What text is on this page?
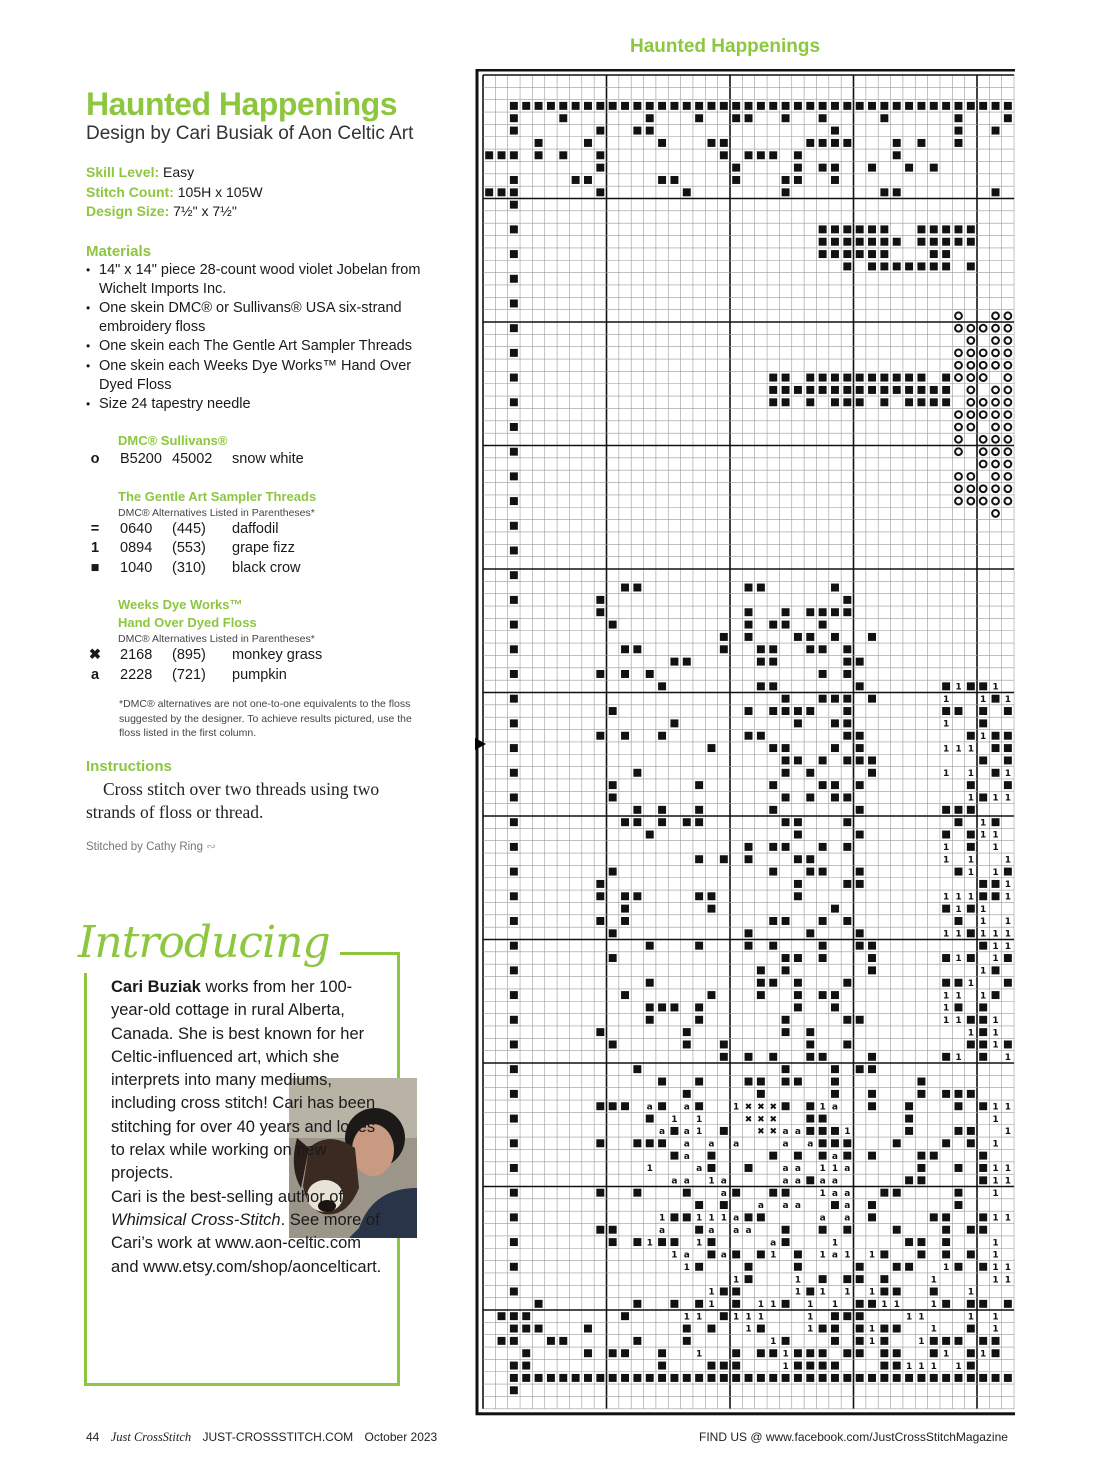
Haunted Happenings
Design by Cari Busiak of Aon Celtic Art
Skill Level: Easy
Stitch Count: 105H x 105W
Design Size: 7½" x 7½"
Materials
• 14" x 14" piece 28-count wood violet Jobelan from Wichelt Imports Inc.
• One skein DMC® or Sullivans® USA six-strand embroidery floss
• One skein each The Gentle Art Sampler Threads
• One skein each Weeks Dye Works™ Hand Over Dyed Floss
• Size 24 tapestry needle
DMC® Sullivans®
o	B5200 45002 snow white
The Gentle Art Sampler Threads
DMC® Alternatives Listed in Parentheses*
=	0640 (445) daffodil
1	0894 (553) grape fizz
■	1040 (310) black crow
Weeks Dye Works™
Hand Over Dyed Floss
DMC® Alternatives Listed in Parentheses*
✖ 2168 (895) monkey grass
a	2228 (721) pumpkin
*DMC® alternatives are not one-to-one equivalents to the floss suggested by the designer. To achieve results pictured, use the floss listed in the first column.
Instructions
Cross stitch over two threads using two strands of floss or thread.
Stitched by Cathy Ring ∾
Introducing

Cari Buziak works from her 100-year-old cottage in rural Alberta, Canada. She is best known for her Celtic-influenced art, which she interprets into many mediums, including cross stitch! Cari has been stitching for over 40 years and loves to relax while working on new projects.

Cari is the best-selling author of Whimsical Cross-Stitch. See more of Cari’s work at www.aon-celtic.com and www.etsy.com/shop/aoncelticart.

Haunted Happenings
1	1
1	1 1
1
1
1 1 1
1 1	1
1 1 1
1
1 1
1	1
1 1	1
1 1
1
1 1 1	1
1 1
1 1
1 1 1 1 1
1 1
1	1
1
1
1 1 1
1
1 1	1
1 1
1
1	1
a	a	1 ✖ ✖ ✖	1 a	1 1
1 1	✖ ✖ ✖	1
a a 1	✖ ✖ a a	1	1
a a a	a a	1
a	a
1	a	a a 1 1 a	1 1
a a 1 a	a a a a	1 1
a	1 a a	1
a a a	a
1	1 1 1 a	a a	1 1
a	a a a
1	1	a	1	1
1 a	a	1	1 a 1 1	1
1	1	1 1
1	1	1	1 1
1	1 1 1 1	1
1	1 1	1 1	1 1	1
1 1	1 1 1	1	1 1	1 1
1	1	1	1	1
1	1	1
1	1	1	1
1	1 1 1 1
44 Just CrossStitch JUST-CROSSSTITCH.COM October 2023	FIND US @ www.facebook.com/JustCrossStitchMagazine
